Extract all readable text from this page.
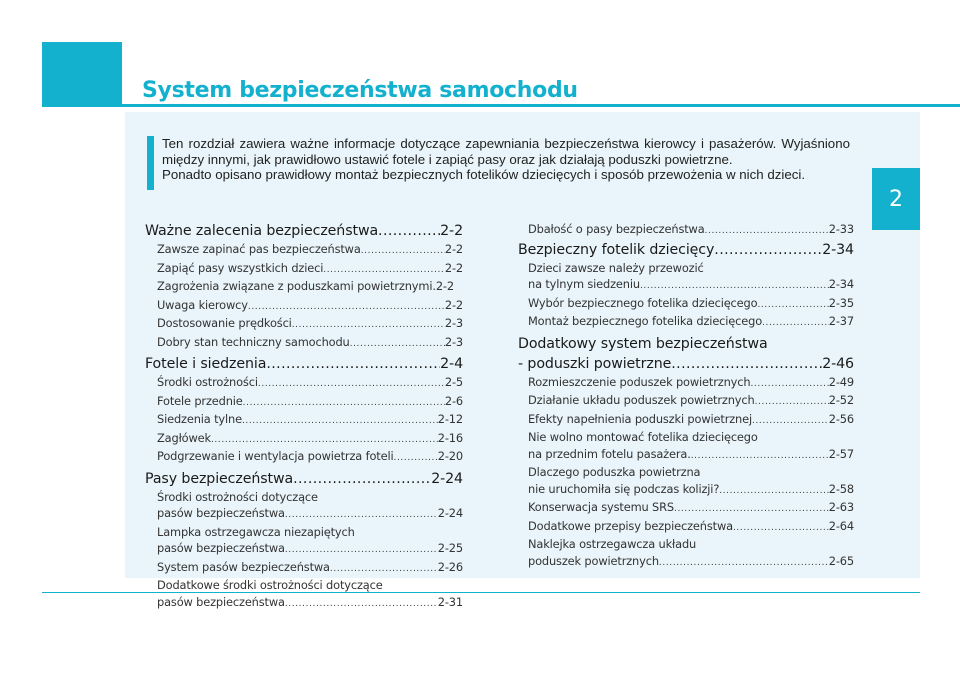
System bezpieczeństwa samochodu
2

Ten rozdział zawiera ważne informacje dotyczące zapewniania bezpieczeństwa kierowcy i pasażerów. Wyjaśniono między innymi, jak prawidłowo ustawić fotele i zapiąć pasy oraz jak działają poduszki powietrzne.

Ponadto opisano prawidłowy montaż bezpiecznych fotelików dziecięcych i sposób przewożenia w nich dzieci.

Ważne zalecenia bezpieczeństwa .....	2-2
Zawsze zapinać pas bezpieczeństwa .....	2-2
Zapiąć pasy wszystkich dzieci .....	2-2
Zagrożenia związane z poduszkami powietrznymi .2-2
Uwaga kierowcy .....	2-2
Dostosowanie prędkości .....	2-3
Dobry stan techniczny samochodu .....	2-3
Fotele i siedzenia .....	2-4
Środki ostrożności .....	2-5
Fotele przednie .....	2-6
Siedzenia tylne .....	2-12
Zagłówek .....	2-16
Podgrzewanie i wentylacja powietrza foteli .....	2-20
Pasy bezpieczeństwa .....	2-24
Środki ostrożności dotyczące
pasów bezpieczeństwa .....	2-24
Lampka ostrzegawcza niezapiętych
pasów bezpieczeństwa .....	2-25
System pasów bezpieczeństwa .....	2-26
Dodatkowe środki ostrożności dotyczące
pasów bezpieczeństwa .....	2-31
Dbałość o pasy bezpieczeństwa .....	2-33
Bezpieczny fotelik dziecięcy .....	2-34
Dzieci zawsze należy przewozić
na tylnym siedzeniu .....	2-34
Wybór bezpiecznego fotelika dziecięcego .....	2-35
Montaż bezpiecznego fotelika dziecięcego .....	2-37
Dodatkowy system bezpieczeństwa
- poduszki powietrzne .....	2-46
Rozmieszczenie poduszek powietrznych .....	2-49
Działanie układu poduszek powietrznych .....	2-52
Efekty napełnienia poduszki powietrznej .....	2-56
Nie wolno montować fotelika dziecięcego
na przednim fotelu pasażera. .....	2-57
Dlaczego poduszka powietrzna
nie uruchomiła się podczas kolizji? .....	2-58
Konserwacja systemu SRS .....	2-63
Dodatkowe przepisy bezpieczeństwa .....	2-64
Naklejka ostrzegawcza układu
poduszek powietrznych .....	2-65
